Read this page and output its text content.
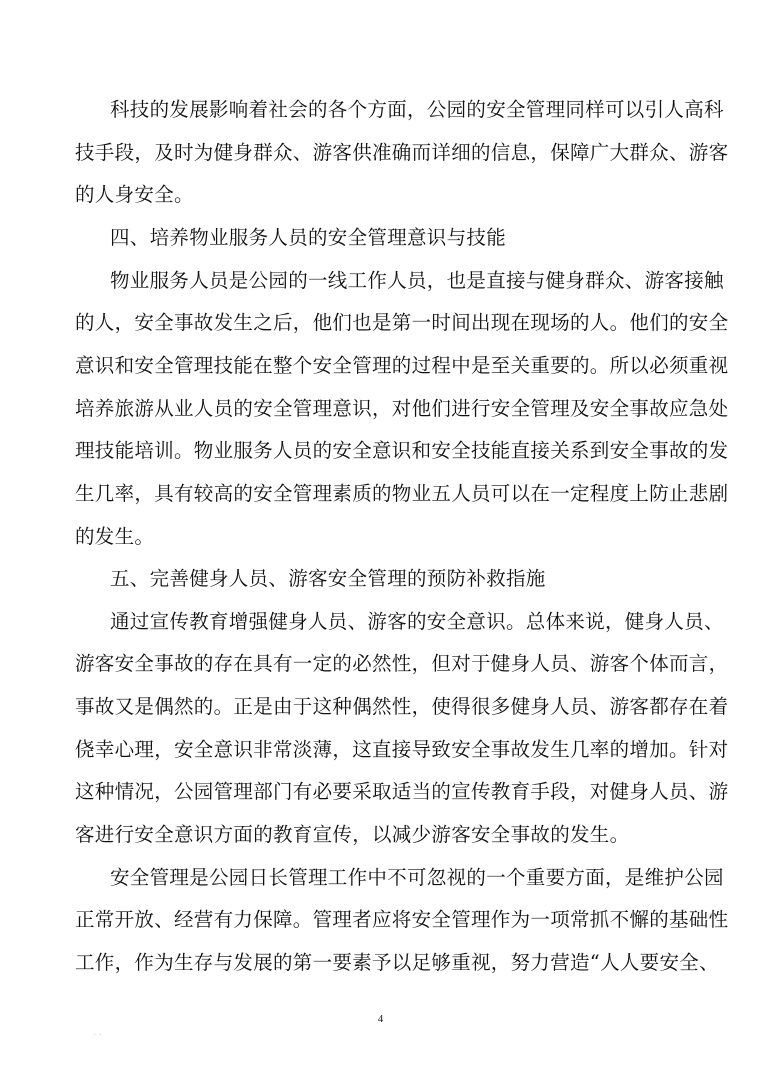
科技的发展影响着社会的各个方面，公园的安全管理同样可以引人高科
技手段，及时为健身群众、游客供准确而详细的信息，保障广大群众、游客
的人身安全。
四、培养物业服务人员的安全管理意识与技能
物业服务人员是公园的一线工作人员，也是直接与健身群众、游客接触
的人，安全事故发生之后，他们也是第一时间出现在现场的人。他们的安全
意识和安全管理技能在整个安全管理的过程中是至关重要的。所以必须重视
培养旅游从业人员的安全管理意识，对他们进行安全管理及安全事故应急处
理技能培训。物业服务人员的安全意识和安全技能直接关系到安全事故的发
生几率，具有较高的安全管理素质的物业五人员可以在一定程度上防止悲剧
的发生。
五、完善健身人员、游客安全管理的预防补救指施
通过宣传教育增强健身人员、游客的安全意识。总体来说，健身人员、
游客安全事故的存在具有一定的必然性，但对于健身人员、游客个体而言，
事故又是偶然的。正是由于这种偶然性，使得很多健身人员、游客都存在着
侥幸心理，安全意识非常淡薄，这直接导致安全事故发生几率的增加。针对
这种情况，公园管理部门有必要采取适当的宣传教育手段，对健身人员、游
客进行安全意识方面的教育宣传，以减少游客安全事故的发生。
安全管理是公园日长管理工作中不可忽视的一个重要方面，是维护公园
正常开放、经营有力保障。管理者应将安全管理作为一项常抓不懈的基础性
工作，作为生存与发展的第一要素予以足够重视，努力营造“人人要安全、
4
. .
